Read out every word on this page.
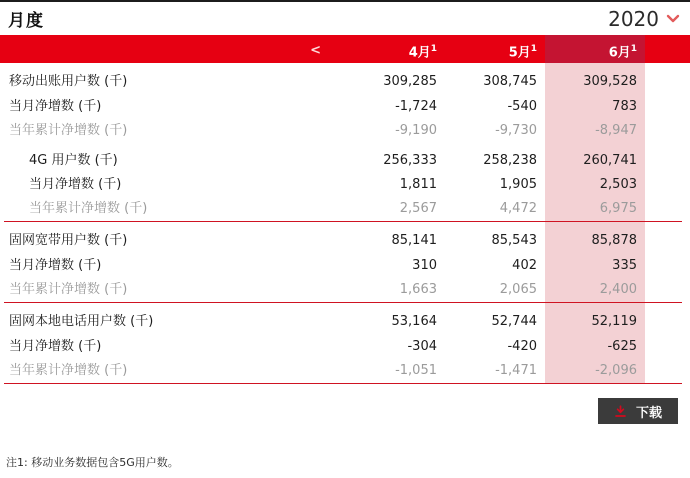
月度	2020
<	4月$^1$	5月$^1$	6月$^1$
移动出账用户数 (千)	309,285	308,745	309,528
当月净增数 (千)	-1,724	-540	783
当年累计净增数 (千)	-9,190	-9,730	-8,947
4G 用户数 (千)	256,333	258,238	260,741
当月净增数 (千)	1,811	1,905	2,503
当年累计净增数 (千)	2,567	4,472	6,975
固网宽带用户数 (千)	85,141	85,543	85,878
当月净增数 (千)	310	402	335
当年累计净增数 (千)	1,663	2,065	2,400
固网本地电话用户数 (千)	53,164	52,744	52,119
当月净增数 (千)	-304	-420	-625
当年累计净增数 (千)	-1,051	-1,471	-2,096
下载
注1: 移动业务数据包含5G用户数。
